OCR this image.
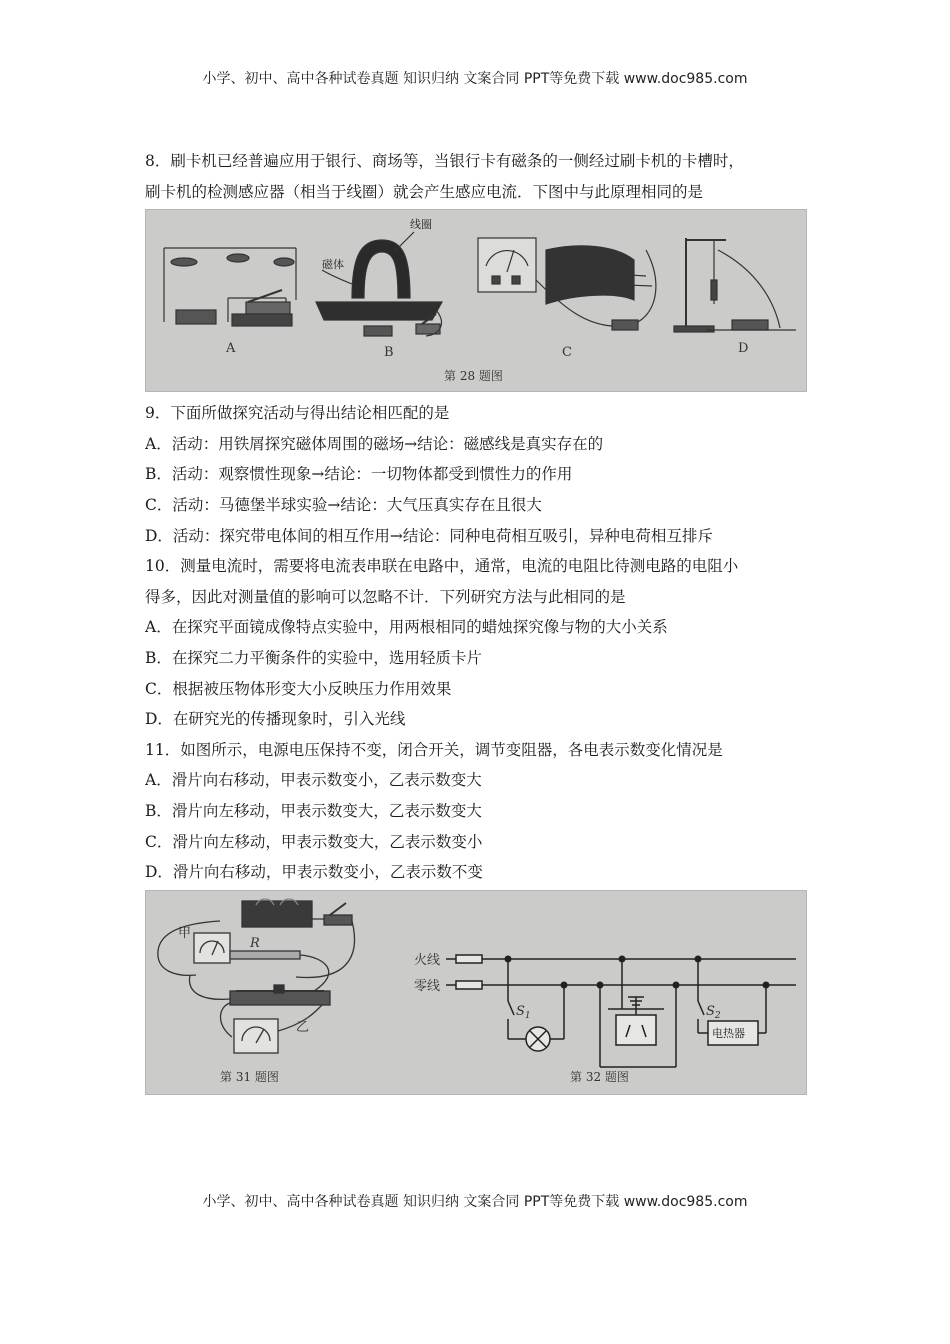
小学、初中、高中各种试卷真题 知识归纳 文案合同 PPT等免费下载 www.doc985.com
8．刷卡机已经普遍应用于银行、商场等，当银行卡有磁条的一侧经过刷卡机的卡槽时，
刷卡机的检测感应器（相当于线圈）就会产生感应电流．下图中与此原理相同的是
线圈
磁体
A	B	C	D
第 28 题图
9．下面所做探究活动与得出结论相匹配的是
A．活动：用铁屑探究磁体周围的磁场→结论：磁感线是真实存在的
B．活动：观察惯性现象→结论：一切物体都受到惯性力的作用
C．活动：马德堡半球实验→结论：大气压真实存在且很大
D．活动：探究带电体间的相互作用→结论：同种电荷相互吸引，异种电荷相互排斥
10．测量电流时，需要将电流表串联在电路中，通常，电流的电阻比待测电路的电阻小
得多，因此对测量值的影响可以忽略不计．下列研究方法与此相同的是
A．在探究平面镜成像特点实验中，用两根相同的蜡烛探究像与物的大小关系
B．在探究二力平衡条件的实验中，选用轻质卡片
C．根据被压物体形变大小反映压力作用效果
D．在研究光的传播现象时，引入光线
11．如图所示，电源电压保持不变，闭合开关，调节变阻器，各电表示数变化情况是
A．滑片向右移动，甲表示数变小，乙表示数变大
B．滑片向左移动，甲表示数变大，乙表示数变大
C．滑片向左移动，甲表示数变大，乙表示数变小
D．滑片向右移动，甲表示数变小，乙表示数不变
甲
R
乙
第 31 题图
火线
零线
$S_1$	$S_2$
电热器
第 32 题图
小学、初中、高中各种试卷真题 知识归纳 文案合同 PPT等免费下载 www.doc985.com
